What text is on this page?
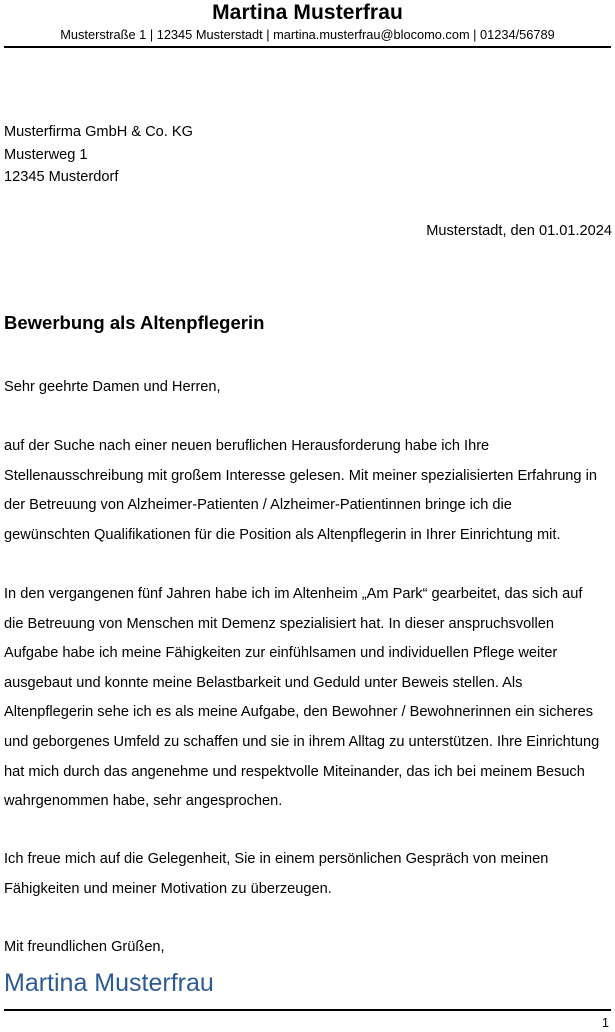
Martina Musterfrau
Musterstraße 1 | 12345 Musterstadt | martina.musterfrau@blocomo.com | 01234/56789
Musterfirma GmbH & Co. KG
Musterweg 1
12345 Musterdorf
Musterstadt, den 01.01.2024
Bewerbung als Altenpflegerin
Sehr geehrte Damen und Herren,
auf der Suche nach einer neuen beruflichen Herausforderung habe ich Ihre
Stellenausschreibung mit großem Interesse gelesen. Mit meiner spezialisierten Erfahrung in
der Betreuung von Alzheimer-Patienten / Alzheimer-Patientinnen bringe ich die
gewünschten Qualifikationen für die Position als Altenpflegerin in Ihrer Einrichtung mit.
In den vergangenen fünf Jahren habe ich im Altenheim „Am Park“ gearbeitet, das sich auf
die Betreuung von Menschen mit Demenz spezialisiert hat. In dieser anspruchsvollen
Aufgabe habe ich meine Fähigkeiten zur einfühlsamen und individuellen Pflege weiter
ausgebaut und konnte meine Belastbarkeit und Geduld unter Beweis stellen. Als
Altenpflegerin sehe ich es als meine Aufgabe, den Bewohner / Bewohnerinnen ein sicheres
und geborgenes Umfeld zu schaffen und sie in ihrem Alltag zu unterstützen. Ihre Einrichtung
hat mich durch das angenehme und respektvolle Miteinander, das ich bei meinem Besuch
wahrgenommen habe, sehr angesprochen.
Ich freue mich auf die Gelegenheit, Sie in einem persönlichen Gespräch von meinen
Fähigkeiten und meiner Motivation zu überzeugen.
Mit freundlichen Grüßen,
Martina Musterfrau
1
